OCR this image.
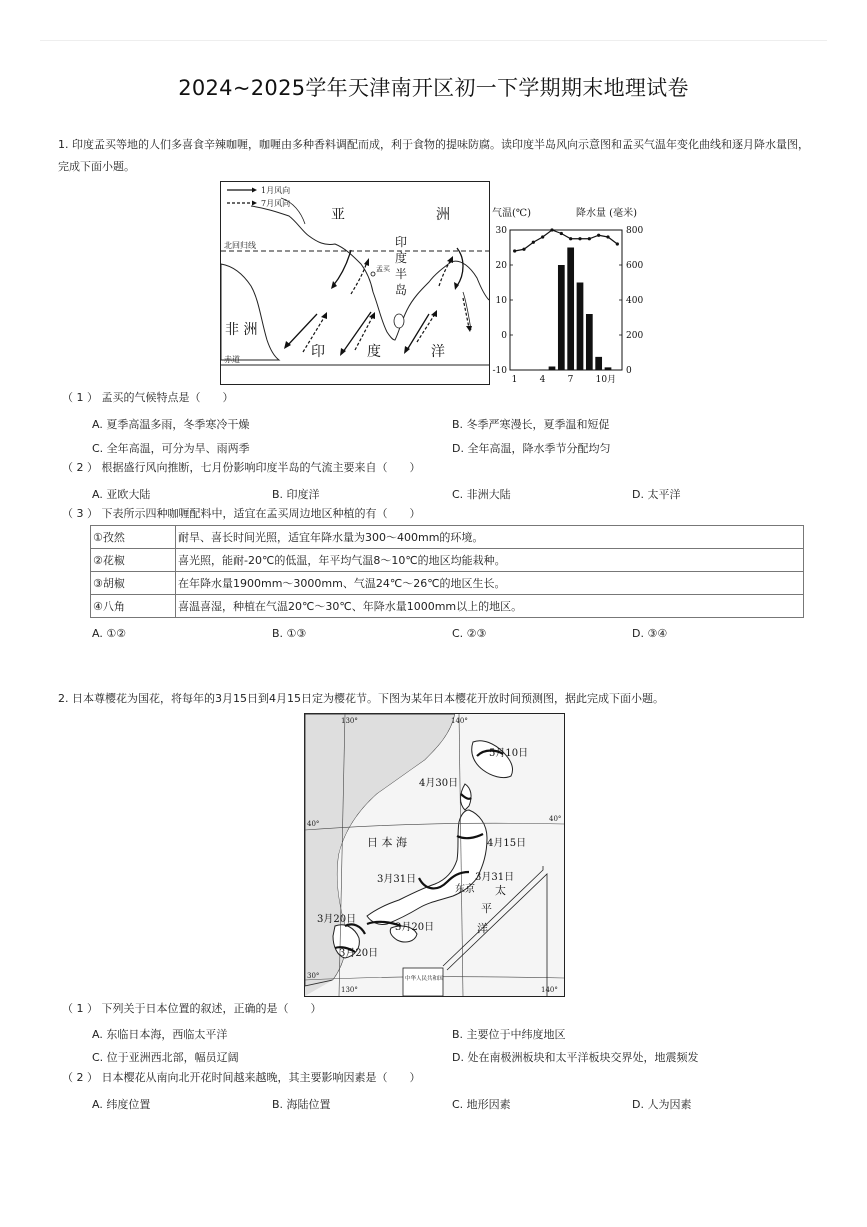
2024~2025学年天津南开区初一下学期期末地理试卷
1. 印度孟买等地的人们多喜食辛辣咖喱，咖喱由多种香料调配而成，利于食物的提味防腐。读印度半岛风向示意图和孟买气温年变化曲线和逐月降水量图，完成下面小题。
1月风向
7月风向
北回归线
赤道
亚	洲
非 洲
印	度	洋
印
度
半
岛
孟买
气温(℃)	降水量 (毫米)
30
20
10
0
-10
800
600
400
200
0
1 4 7 10月
（ 1 ） 孟买的气候特点是（　　）
A. 夏季高温多雨，冬季寒冷干燥	B. 冬季严寒漫长，夏季温和短促
C. 全年高温，可分为旱、雨两季	D. 全年高温，降水季节分配均匀
（ 2 ） 根据盛行风向推断，七月份影响印度半岛的气流主要来自（　　）
A. 亚欧大陆	B. 印度洋	C. 非洲大陆	D. 太平洋
（ 3 ） 下表所示四种咖喱配料中，适宜在孟买周边地区种植的有（　　）
①孜然	耐旱、喜长时间光照，适宜年降水量为300～400mm的环境。
②花椒	喜光照，能耐-20℃的低温，年平均气温8～10℃的地区均能栽种。
③胡椒	在年降水量1900mm～3000mm、气温24℃～26℃的地区生长。
④八角	喜温喜湿，种植在气温20℃～30℃、年降水量1000mm以上的地区。
A. ①②	B. ①③	C. ②③	D. ③④
2. 日本尊樱花为国花，将每年的3月15日到4月15日定为樱花节。下图为某年日本樱花开放时间预测图，据此完成下面小题。
130°	140°
40°
40°
30°
130°	140°
日 本 海
太
平
洋
东京
5月10日
4月30日
4月15日
3月31日	3月31日
3月20日
3月20日
3月20日
中华人民共和国
（ 1 ） 下列关于日本位置的叙述，正确的是（　　）
A. 东临日本海，西临太平洋	B. 主要位于中纬度地区
C. 位于亚洲西北部，幅员辽阔	D. 处在南极洲板块和太平洋板块交界处，地震频发
（ 2 ） 日本樱花从南向北开花时间越来越晚，其主要影响因素是（　　）
A. 纬度位置	B. 海陆位置	C. 地形因素	D. 人为因素
